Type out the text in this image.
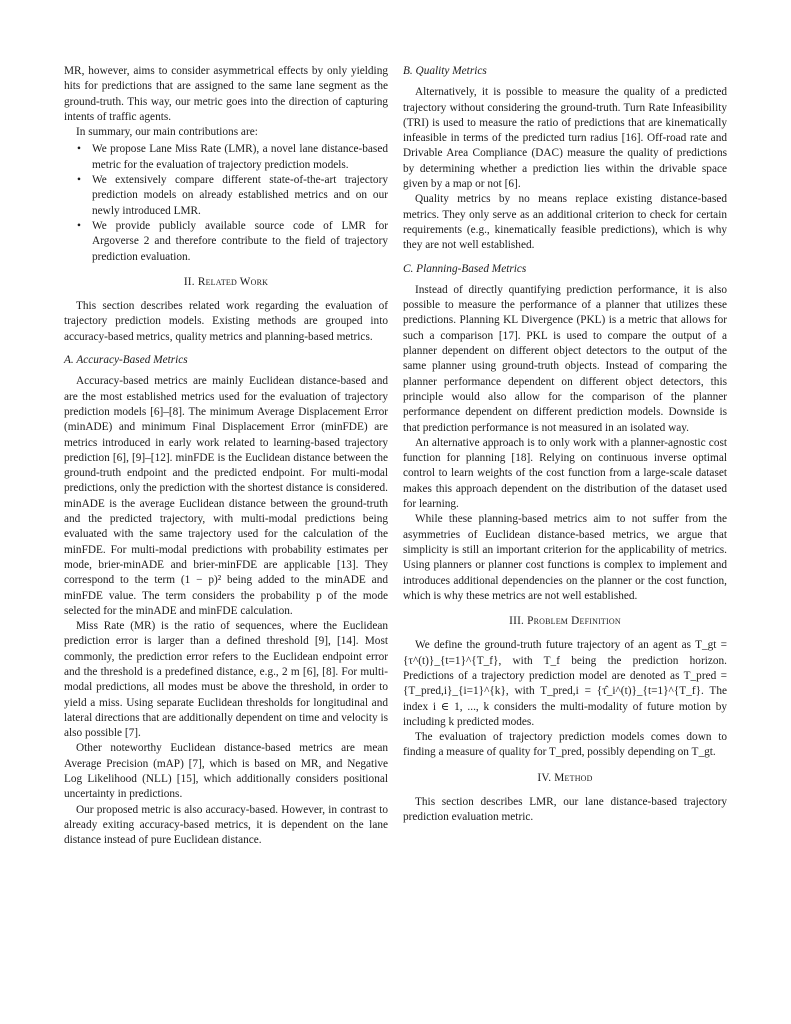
MR, however, aims to consider asymmetrical effects by only yielding hits for predictions that are assigned to the same lane segment as the ground-truth. This way, our metric goes into the direction of capturing intents of traffic agents.

In summary, our main contributions are:

• We propose Lane Miss Rate (LMR), a novel lane distance-based metric for the evaluation of trajectory prediction models.
• We extensively compare different state-of-the-art trajectory prediction models on already established metrics and on our newly introduced LMR.
• We provide publicly available source code of LMR for Argoverse 2 and therefore contribute to the field of trajectory prediction evaluation.
II. Related Work

This section describes related work regarding the evaluation of trajectory prediction models. Existing methods are grouped into accuracy-based metrics, quality metrics and planning-based metrics.

A. Accuracy-Based Metrics

Accuracy-based metrics are mainly Euclidean distance-based and are the most established metrics used for the evaluation of trajectory prediction models [6]–[8]. The minimum Average Displacement Error (minADE) and minimum Final Displacement Error (minFDE) are metrics introduced in early work related to learning-based trajectory prediction [6], [9]–[12]. minFDE is the Euclidean distance between the ground-truth endpoint and the predicted endpoint. For multi-modal predictions, only the prediction with the shortest distance is considered. minADE is the average Euclidean distance between the ground-truth and the predicted trajectory, with multi-modal predictions being evaluated with the same trajectory used for the calculation of the minFDE. For multi-modal predictions with probability estimates per mode, brier-minADE and brier-minFDE are applicable [13]. They correspond to the term (1 − p)² being added to the minADE and minFDE value. The term considers the probability p of the mode selected for the minADE and minFDE calculation.

Miss Rate (MR) is the ratio of sequences, where the Euclidean prediction error is larger than a defined threshold [9], [14]. Most commonly, the prediction error refers to the Euclidean endpoint error and the threshold is a predefined distance, e.g., 2 m [6], [8]. For multi-modal predictions, all modes must be above the threshold, in order to yield a miss. Using separate Euclidean thresholds for longitudinal and lateral directions that are additionally dependent on time and velocity is also possible [7].

Other noteworthy Euclidean distance-based metrics are mean Average Precision (mAP) [7], which is based on MR, and Negative Log Likelihood (NLL) [15], which additionally considers positional uncertainty in predictions.

Our proposed metric is also accuracy-based. However, in contrast to already exiting accuracy-based metrics, it is dependent on the lane distance instead of pure Euclidean distance.

B. Quality Metrics

Alternatively, it is possible to measure the quality of a predicted trajectory without considering the ground-truth. Turn Rate Infeasibility (TRI) is used to measure the ratio of predictions that are kinematically infeasible in terms of the predicted turn radius [16]. Off-road rate and Drivable Area Compliance (DAC) measure the quality of predictions by determining whether a prediction lies within the drivable space given by a map or not [6].

Quality metrics by no means replace existing distance-based metrics. They only serve as an additional criterion to check for certain requirements (e.g., kinematically feasible predictions), which is why they are not well established.

C. Planning-Based Metrics

Instead of directly quantifying prediction performance, it is also possible to measure the performance of a planner that utilizes these predictions. Planning KL Divergence (PKL) is a metric that allows for such a comparison [17]. PKL is used to compare the output of a planner dependent on different object detectors to the output of the same planner using ground-truth objects. Instead of comparing the planner performance dependent on different object detectors, this principle would also allow for the comparison of the planner performance dependent on different prediction models. Downside is that prediction performance is not measured in an isolated way.

An alternative approach is to only work with a planner-agnostic cost function for planning [18]. Relying on continuous inverse optimal control to learn weights of the cost function from a large-scale dataset makes this approach dependent on the distribution of the dataset used for learning.

While these planning-based metrics aim to not suffer from the asymmetries of Euclidean distance-based metrics, we argue that simplicity is still an important criterion for the applicability of metrics. Using planners or planner cost functions is complex to implement and introduces additional dependencies on the planner or the cost function, which is why these metrics are not well established.

III. Problem Definition

We define the ground-truth future trajectory of an agent as T_gt = {τ^(t)}_{t=1}^{T_f}, with T_f being the prediction horizon. Predictions of a trajectory prediction model are denoted as T_pred = {T_pred,i}_{i=1}^{k}, with T_pred,i = {τ̂_i^(t)}_{t=1}^{T_f}. The index i ∈ 1, ..., k considers the multi-modality of future motion by including k predicted modes.

The evaluation of trajectory prediction models comes down to finding a measure of quality for T_pred, possibly depending on T_gt.

IV. Method

This section describes LMR, our lane distance-based trajectory prediction evaluation metric.
